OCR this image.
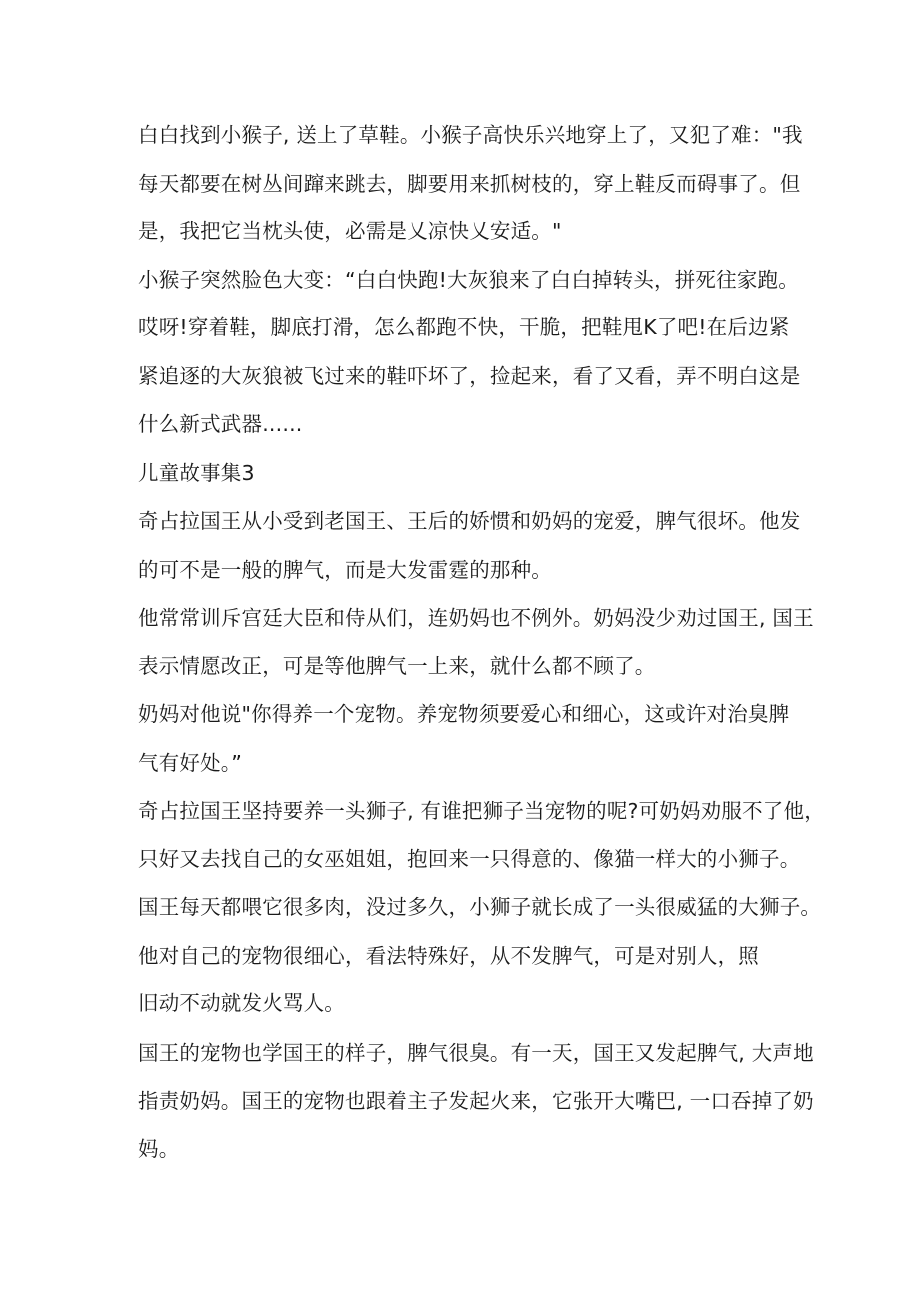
白白找到小猴子, 送上了草鞋。小猴子高快乐兴地穿上了，又犯了难："我
每天都要在树丛间蹿来跳去，脚要用来抓树枝的，穿上鞋反而碍事了。但
是，我把它当枕头使，必需是乂凉快乂安适。"
小猴子突然脸色大变：“白白快跑!大灰狼来了白白掉转头，拼死往家跑。
哎呀!穿着鞋，脚底打滑，怎么都跑不快，干脆，把鞋甩K了吧!在后边紧
紧追逐的大灰狼被飞过来的鞋吓坏了，捡起来，看了又看，弄不明白这是
什么新式武器......
儿童故事集3
奇占拉国王从小受到老国王、王后的娇惯和奶妈的宠爱，脾气很坏。他发
的可不是一般的脾气，而是大发雷霆的那种。
他常常训斥宫廷大臣和侍从们，连奶妈也不例外。奶妈没少劝过国王, 国王
表示情愿改正，可是等他脾气一上来，就什么都不顾了。
奶妈对他说"你得养一个宠物。养宠物须要爱心和细心，这或许对治臭脾
气有好处。”
奇占拉国王坚持要养一头狮子, 有谁把狮子当宠物的呢?可奶妈劝服不了他，
只好又去找自己的女巫姐姐，抱回来一只得意的、像猫一样大的小狮子。
国王每天都喂它很多肉，没过多久，小狮子就长成了一头很威猛的大狮子。
他对自己的宠物很细心，看法特殊好，从不发脾气，可是对别人，照
旧动不动就发火骂人。
国王的宠物也学国王的样子，脾气很臭。有一天，国王又发起脾气, 大声地
指责奶妈。国王的宠物也跟着主子发起火来，它张开大嘴巴, 一口吞掉了奶
妈。
